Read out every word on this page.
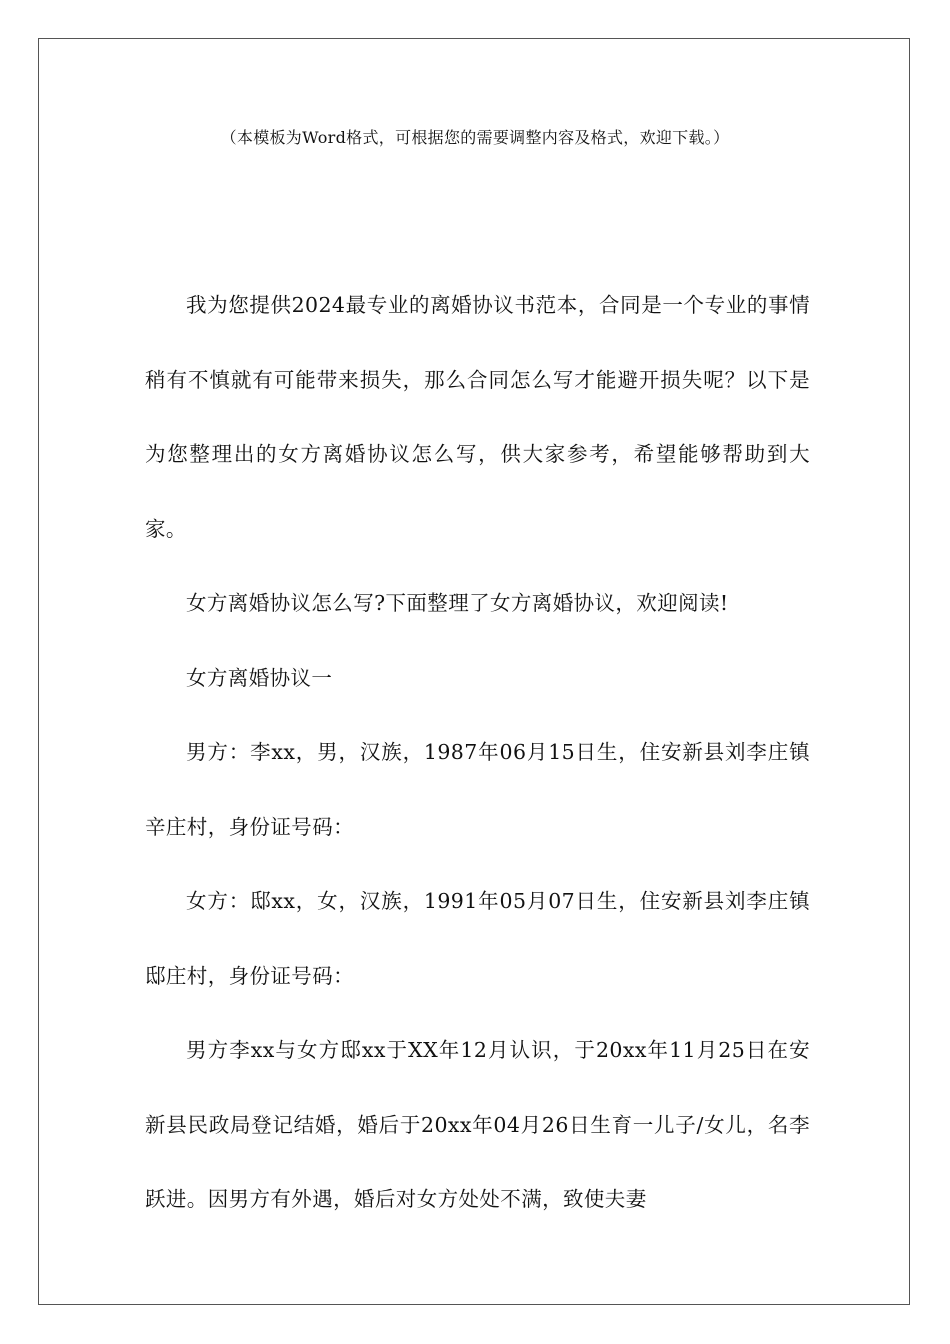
（本模板为Word格式，可根据您的需要调整内容及格式，欢迎下载。）

我为您提供2024最专业的离婚协议书范本，合同是一个专业的事情稍有不慎就有可能带来损失，那么合同怎么写才能避开损失呢？以下是为您整理出的女方离婚协议怎么写，供大家参考，希望能够帮助到大家。

女方离婚协议怎么写?下面整理了女方离婚协议，欢迎阅读!

女方离婚协议一

男方：李xx，男，汉族，1987年06月15日生，住安新县刘李庄镇辛庄村，身份证号码：

女方：邸xx，女，汉族，1991年05月07日生，住安新县刘李庄镇邸庄村，身份证号码：

男方李xx与女方邸xx于XX年12月认识，于20xx年11月25日在安新县民政局登记结婚，婚后于20xx年04月26日生育一儿子/女儿，名李跃进。因男方有外遇，婚后对女方处处不满，致使夫妻
